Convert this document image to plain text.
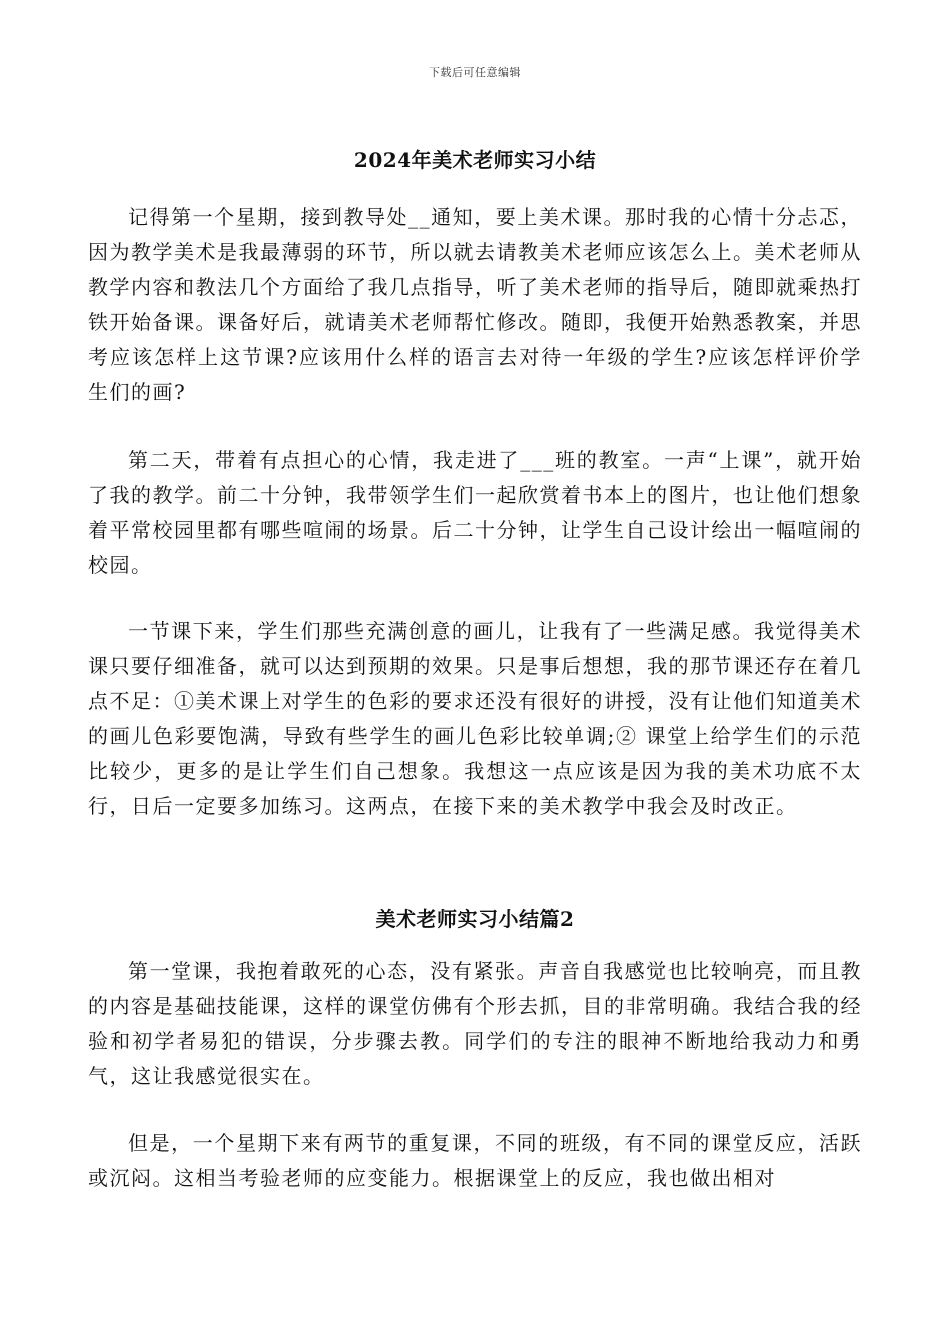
下载后可任意编辑
2024年美术老师实习小结

记得第一个星期，接到教导处__通知，要上美术课。那时我的心情十分忐忑，因为教学美术是我最薄弱的环节，所以就去请教美术老师应该怎么上。美术老师从教学内容和教法几个方面给了我几点指导，听了美术老师的指导后，随即就乘热打铁开始备课。课备好后，就请美术老师帮忙修改。随即，我便开始熟悉教案，并思考应该怎样上这节课?应该用什么样的语言去对待一年级的学生?应该怎样评价学生们的画?

第二天，带着有点担心的心情，我走进了___班的教室。一声“上课”，就开始了我的教学。前二十分钟，我带领学生们一起欣赏着书本上的图片，也让他们想象着平常校园里都有哪些喧闹的场景。后二十分钟，让学生自己设计绘出一幅喧闹的校园。

一节课下来，学生们那些充满创意的画儿，让我有了一些满足感。我觉得美术课只要仔细准备，就可以达到预期的效果。只是事后想想，我的那节课还存在着几点不足：①美术课上对学生的色彩的要求还没有很好的讲授，没有让他们知道美术的画儿色彩要饱满，导致有些学生的画儿色彩比较单调;② 课堂上给学生们的示范比较少，更多的是让学生们自己想象。我想这一点应该是因为我的美术功底不太行，日后一定要多加练习。这两点，在接下来的美术教学中我会及时改正。

美术老师实习小结篇2

第一堂课，我抱着敢死的心态，没有紧张。声音自我感觉也比较响亮，而且教的内容是基础技能课，这样的课堂仿佛有个形去抓，目的非常明确。我结合我的经验和初学者易犯的错误，分步骤去教。同学们的专注的眼神不断地给我动力和勇气，这让我感觉很实在。

但是，一个星期下来有两节的重复课，不同的班级，有不同的课堂反应，活跃或沉闷。这相当考验老师的应变能力。根据课堂上的反应，我也做出相对
